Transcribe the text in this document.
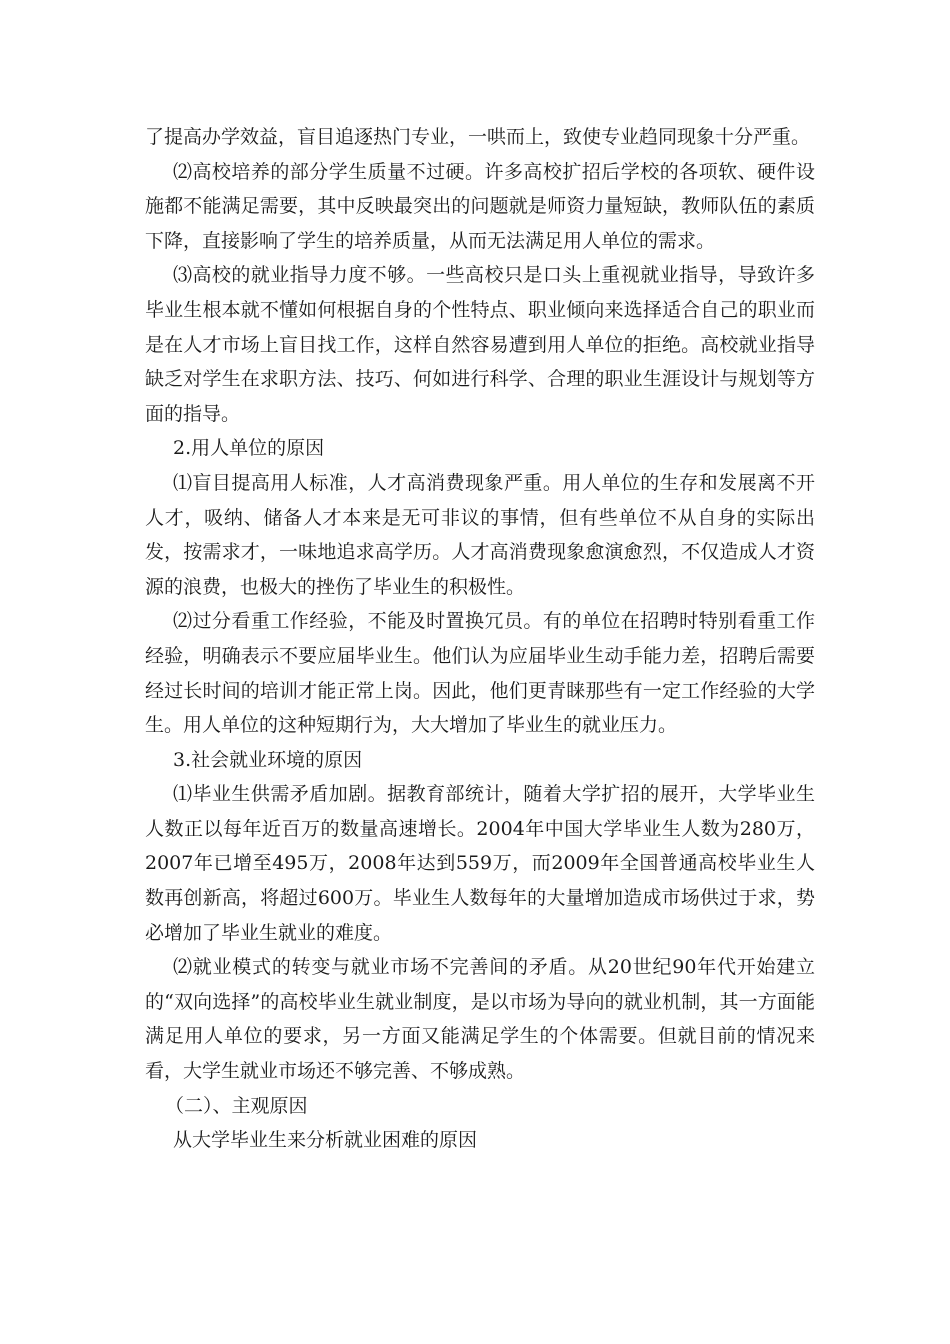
了提高办学效益，盲目追逐热门专业，一哄而上，致使专业趋同现象十分严重。

⑵高校培养的部分学生质量不过硬。许多高校扩招后学校的各项软、硬件设施都不能满足需要，其中反映最突出的问题就是师资力量短缺，教师队伍的素质下降，直接影响了学生的培养质量，从而无法满足用人单位的需求。

⑶高校的就业指导力度不够。一些高校只是口头上重视就业指导，导致许多毕业生根本就不懂如何根据自身的个性特点、职业倾向来选择适合自己的职业而是在人才市场上盲目找工作，这样自然容易遭到用人单位的拒绝。高校就业指导缺乏对学生在求职方法、技巧、何如进行科学、合理的职业生涯设计与规划等方面的指导。

2.用人单位的原因

⑴盲目提高用人标准，人才高消费现象严重。用人单位的生存和发展离不开人才，吸纳、储备人才本来是无可非议的事情，但有些单位不从自身的实际出发，按需求才，一味地追求高学历。人才高消费现象愈演愈烈，不仅造成人才资源的浪费，也极大的挫伤了毕业生的积极性。

⑵过分看重工作经验，不能及时置换冗员。有的单位在招聘时特别看重工作经验，明确表示不要应届毕业生。他们认为应届毕业生动手能力差，招聘后需要经过长时间的培训才能正常上岗。因此，他们更青睐那些有一定工作经验的大学生。用人单位的这种短期行为，大大增加了毕业生的就业压力。

3.社会就业环境的原因

⑴毕业生供需矛盾加剧。据教育部统计，随着大学扩招的展开，大学毕业生人数正以每年近百万的数量高速增长。2004年中国大学毕业生人数为280万，2007年已增至495万，2008年达到559万，而2009年全国普通高校毕业生人数再创新高，将超过600万。毕业生人数每年的大量增加造成市场供过于求，势必增加了毕业生就业的难度。

⑵就业模式的转变与就业市场不完善间的矛盾。从20世纪90年代开始建立的“双向选择”的高校毕业生就业制度，是以市场为导向的就业机制，其一方面能满足用人单位的要求，另一方面又能满足学生的个体需要。但就目前的情况来看，大学生就业市场还不够完善、不够成熟。

（二）、主观原因

从大学毕业生来分析就业困难的原因
